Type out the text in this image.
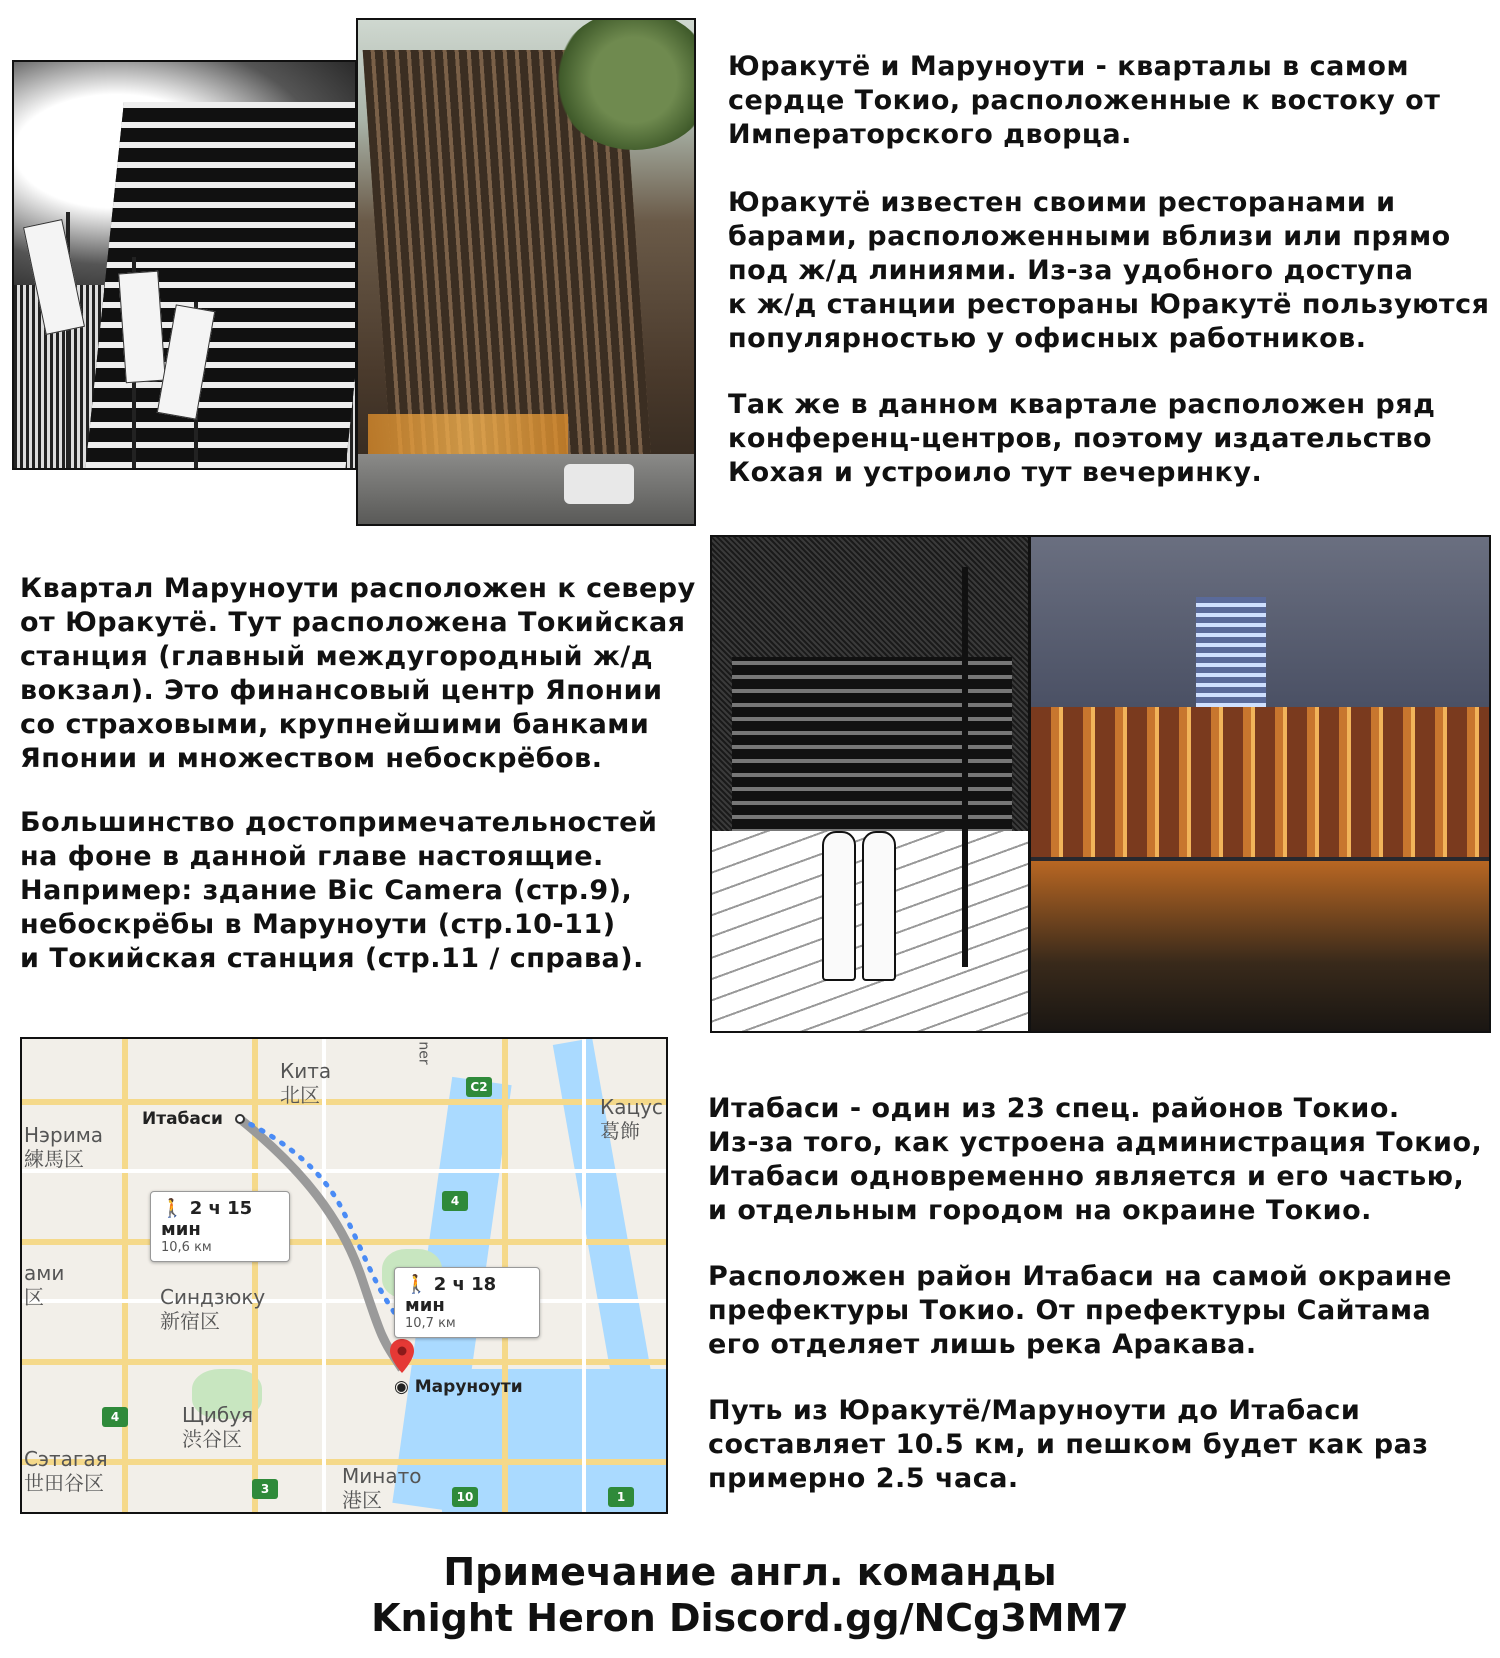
Юракутё и Маруноути - кварталы в самом
сердце Токио, расположенные к востоку от
Императорского дворца.
Юракутё известен своими ресторанами и
барами, расположенными вблизи или прямо
под ж/д линиями. Из-за удобного доступа
к ж/д станции рестораны Юракутё пользуются
популярностью у офисных работников.
Так же в данном квартале расположен ряд
конференц-центров, поэтому издательство
Кохая и устроило тут вечеринку.
Квартал Маруноути расположен к северу
от Юракутё. Тут расположена Токийская
станция (главный междугородный ж/д
вокзал). Это финансовый центр Японии
со страховыми, крупнейшими банками
Японии и множеством небоскрёбов.
Большинство достопримечательностей
на фоне в данной главе настоящие.
Например: здание Bic Camera (стр.9),
небоскрёбы в Маруноути (стр.10-11)
и Токийская станция (стр.11 / справа).
Кита
北区
Нэрима
練馬区
Кацус
葛飾
ами
区	Синдзюку
新宿区
Щибуя
渋谷区
Сэтагая
世田谷区	Минато
港区
ner
C2
4
4
3
10	1
Итабаси
◉ Маруноути
🚶 2 ч 15 мин
10,6 км
🚶 2 ч 18 мин
10,7 км
Итабаси - один из 23 спец. районов Токио.
Из-за того, как устроена администрация Токио,
Итабаси одновременно является и его частью,
и отдельным городом на окраине Токио.
Расположен район Итабаси на самой окраине
префектуры Токио. От префектуры Сайтама
его отделяет лишь река Аракава.
Путь из Юракутё/Маруноути до Итабаси
составляет 10.5 км, и пешком будет как раз
примерно 2.5 часа.
Примечание англ. команды
Knight Heron Discord.gg/NCg3MM7
